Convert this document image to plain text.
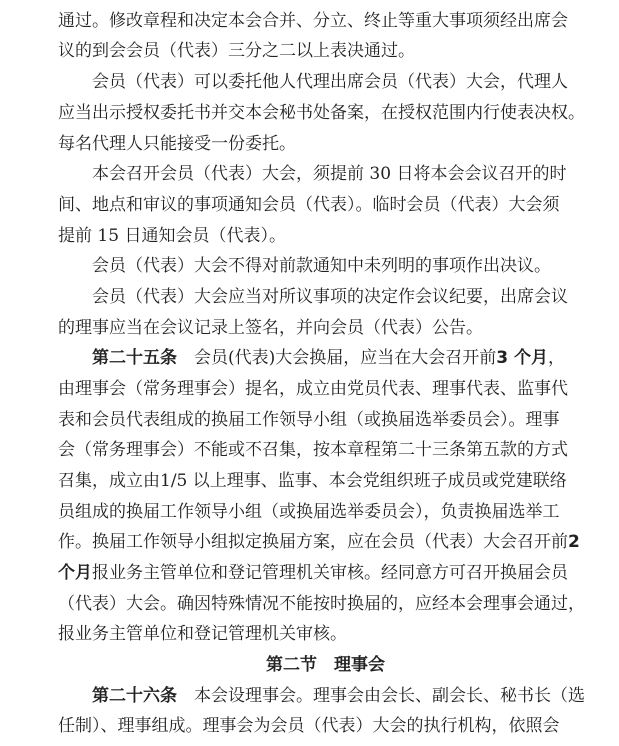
通过。修改章程和决定本会合并、分立、终止等重大事项须经出席会
议的到会会员（代表）三分之二以上表决通过。
会员（代表）可以委托他人代理出席会员（代表）大会，代理人
应当出示授权委托书并交本会秘书处备案，在授权范围内行使表决权。
每名代理人只能接受一份委托。
本会召开会员（代表）大会，须提前 30 日将本会会议召开的时
间、地点和审议的事项通知会员（代表）。临时会员（代表）大会须
提前 15 日通知会员（代表）。
会员（代表）大会不得对前款通知中未列明的事项作出决议。
会员（代表）大会应当对所议事项的决定作会议纪要，出席会议
的理事应当在会议记录上签名，并向会员（代表）公告。
第二十五条　会员(代表)大会换届，应当在大会召开前3 个月，
由理事会（常务理事会）提名，成立由党员代表、理事代表、监事代
表和会员代表组成的换届工作领导小组（或换届选举委员会）。理事
会（常务理事会）不能或不召集，按本章程第二十三条第五款的方式
召集，成立由1/5 以上理事、监事、本会党组织班子成员或党建联络
员组成的换届工作领导小组（或换届选举委员会），负责换届选举工
作。换届工作领导小组拟定换届方案，应在会员（代表）大会召开前2
个月报业务主管单位和登记管理机关审核。经同意方可召开换届会员
（代表）大会。确因特殊情况不能按时换届的，应经本会理事会通过，
报业务主管单位和登记管理机关审核。
第二节　理事会
第二十六条　本会设理事会。理事会由会长、副会长、秘书长（选
任制）、理事组成。理事会为会员（代表）大会的执行机构，依照会
